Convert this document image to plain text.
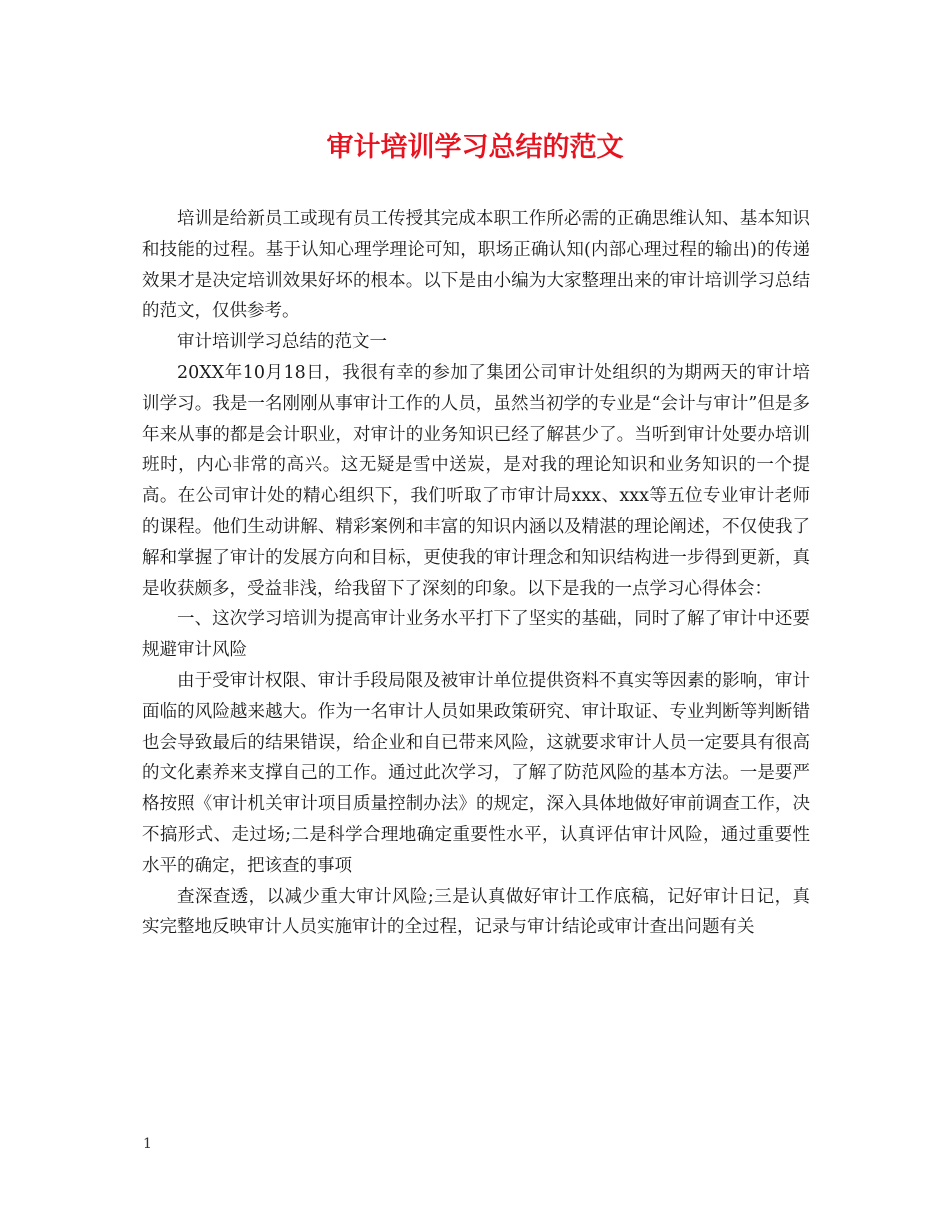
审计培训学习总结的范文

培训是给新员工或现有员工传授其完成本职工作所必需的正确思维认知、基本知识和技能的过程。基于认知心理学理论可知，职场正确认知(内部心理过程的输出)的传递效果才是决定培训效果好坏的根本。以下是由小编为大家整理出来的审计培训学习总结的范文，仅供参考。

审计培训学习总结的范文一

20XX年10月18日，我很有幸的参加了集团公司审计处组织的为期两天的审计培训学习。我是一名刚刚从事审计工作的人员，虽然当初学的专业是“会计与审计”但是多年来从事的都是会计职业，对审计的业务知识已经了解甚少了。当听到审计处要办培训班时，内心非常的高兴。这无疑是雪中送炭，是对我的理论知识和业务知识的一个提高。在公司审计处的精心组织下，我们听取了市审计局xxx、xxx等五位专业审计老师的课程。他们生动讲解、精彩案例和丰富的知识内涵以及精湛的理论阐述，不仅使我了解和掌握了审计的发展方向和目标，更使我的审计理念和知识结构进一步得到更新，真是收获颇多，受益非浅，给我留下了深刻的印象。以下是我的一点学习心得体会：

一、这次学习培训为提高审计业务水平打下了坚实的基础，同时了解了审计中还要规避审计风险

由于受审计权限、审计手段局限及被审计单位提供资料不真实等因素的影响，审计面临的风险越来越大。作为一名审计人员如果政策研究、审计取证、专业判断等判断错也会导致最后的结果错误，给企业和自已带来风险，这就要求审计人员一定要具有很高的文化素养来支撑自己的工作。通过此次学习，了解了防范风险的基本方法。一是要严格按照《审计机关审计项目质量控制办法》的规定，深入具体地做好审前调查工作，决不搞形式、走过场;二是科学合理地确定重要性水平，认真评估审计风险，通过重要性水平的确定，把该查的事项

查深查透，以减少重大审计风险;三是认真做好审计工作底稿，记好审计日记，真实完整地反映审计人员实施审计的全过程，记录与审计结论或审计查出问题有关

1
